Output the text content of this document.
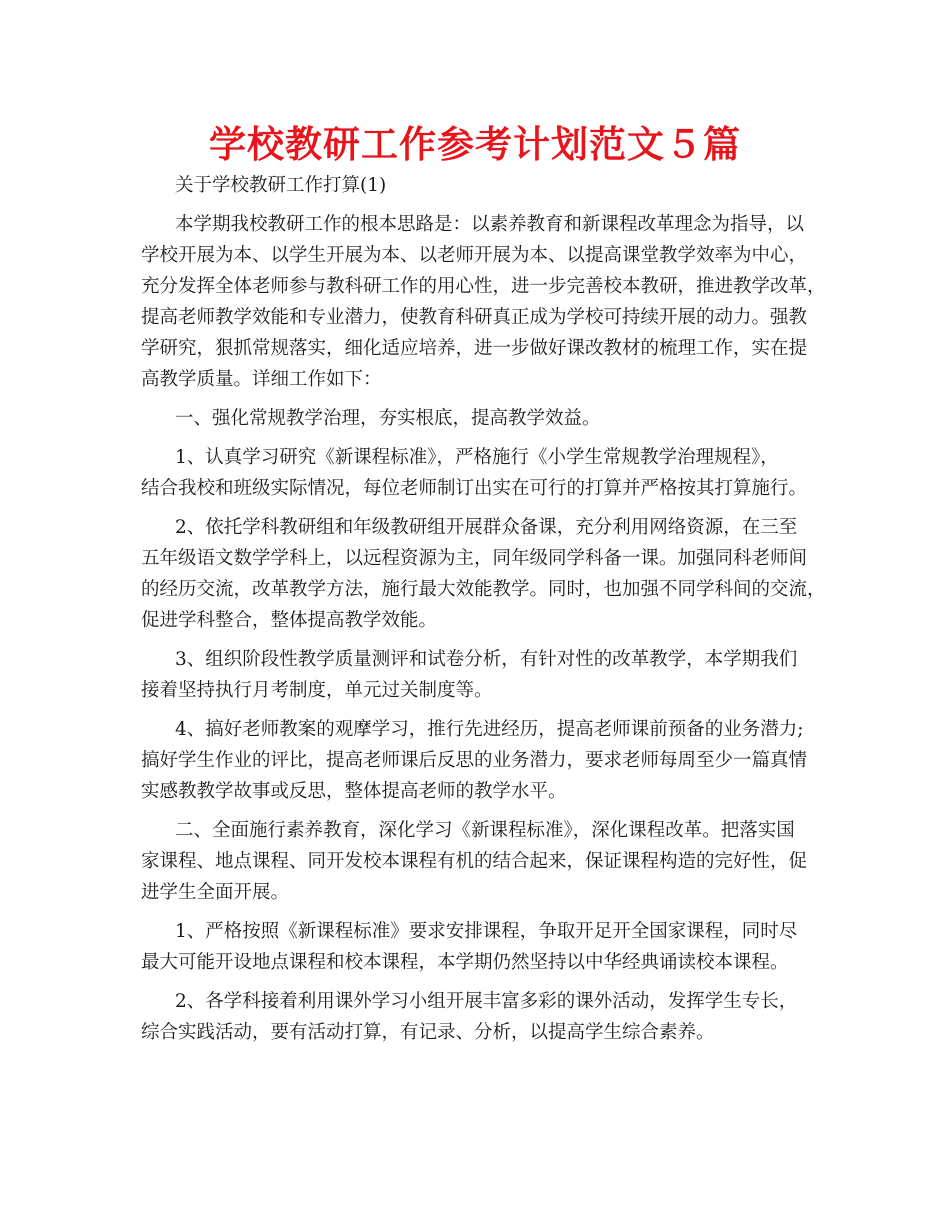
学校教研工作参考计划范文５篇
关于学校教研工作打算(1)
本学期我校教研工作的根本思路是：以素养教育和新课程改革理念为指导，以
学校开展为本、以学生开展为本、以老师开展为本、以提高课堂教学效率为中心，
充分发挥全体老师参与教科研工作的用心性，进一步完善校本教研，推进教学改革，
提高老师教学效能和专业潜力，使教育科研真正成为学校可持续开展的动力。强教
学研究，狠抓常规落实，细化适应培养，进一步做好课改教材的梳理工作，实在提
高教学质量。详细工作如下：
一、强化常规教学治理，夯实根底，提高教学效益。
1、认真学习研究《新课程标准》，严格施行《小学生常规教学治理规程》，
结合我校和班级实际情况，每位老师制订出实在可行的打算并严格按其打算施行。
2、依托学科教研组和年级教研组开展群众备课，充分利用网络资源，在三至
五年级语文数学学科上，以远程资源为主，同年级同学科备一课。加强同科老师间
的经历交流，改革教学方法，施行最大效能教学。同时，也加强不同学科间的交流，
促进学科整合，整体提高教学效能。
3、组织阶段性教学质量测评和试卷分析，有针对性的改革教学，本学期我们
接着坚持执行月考制度，单元过关制度等。
4、搞好老师教案的观摩学习，推行先进经历，提高老师课前预备的业务潜力;
搞好学生作业的评比，提高老师课后反思的业务潜力，要求老师每周至少一篇真情
实感教教学故事或反思，整体提高老师的教学水平。
二、全面施行素养教育，深化学习《新课程标准》，深化课程改革。把落实国
家课程、地点课程、同开发校本课程有机的结合起来，保证课程构造的完好性，促
进学生全面开展。
1、严格按照《新课程标准》要求安排课程，争取开足开全国家课程，同时尽
最大可能开设地点课程和校本课程，本学期仍然坚持以中华经典诵读校本课程。
2、各学科接着利用课外学习小组开展丰富多彩的课外活动，发挥学生专长，
综合实践活动，要有活动打算，有记录、分析，以提高学生综合素养。
